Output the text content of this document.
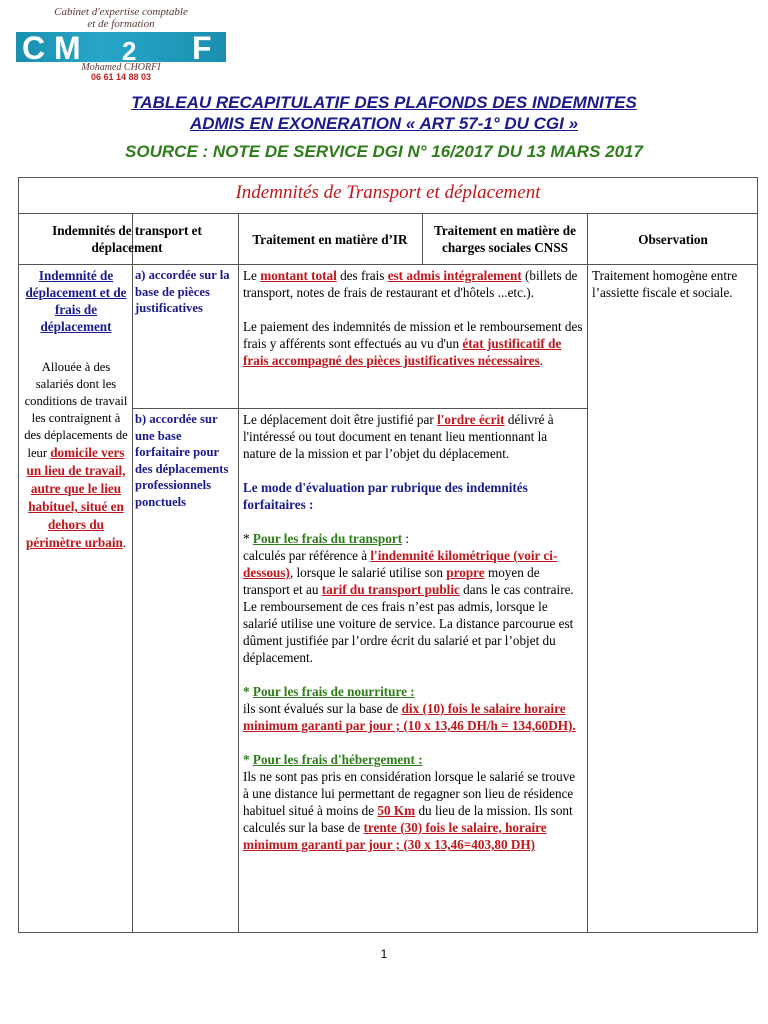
Cabinet d'expertise comptable
et de formation
C M 2 F
Mohamed CHORFI
06 61 14 88 03
TABLEAU RECAPITULATIF DES PLAFONDS DES INDEMNITES
ADMIS EN EXONERATION « ART 57-1° DU CGI »
SOURCE : NOTE DE SERVICE DGI N° 16/2017 DU 13 MARS 2017
Indemnités de Transport et déplacement
Indemnités de transport et déplacement
Traitement en matière d’IR
Traitement en matière de charges sociales CNSS
Observation
Indemnité de déplacement et de frais de déplacement
Allouée à des salariés dont les conditions de travail les contraignent à des déplacements de leur domicile vers un lieu de travail, autre que le lieu habituel, situé en dehors du périmètre urbain.
a) accordée sur la base de pièces justificatives

Le montant total des frais est admis intégralement (billets de transport, notes de frais de restaurant et d'hôtels ...etc.).

Le paiement des indemnités de mission et le remboursement des frais y afférents sont effectués au vu d'un état justificatif de frais accompagné des pièces justificatives nécessaires.

Traitement homogène entre l’assiette fiscale et sociale.
b) accordée sur une base forfaitaire pour des déplacements professionnels ponctuels

Le déplacement doit être justifié par l'ordre écrit délivré à l'intéressé ou tout document en tenant lieu mentionnant la nature de la mission et par l’objet du déplacement.

Le mode d'évaluation par rubrique des indemnités forfaitaires :

* Pour les frais du transport :
calculés par référence à l'indemnité kilométrique (voir ci-dessous), lorsque le salarié utilise son propre moyen de transport et au tarif du transport public dans le cas contraire. Le remboursement de ces frais n’est pas admis, lorsque le salarié utilise une voiture de service. La distance parcourue est dûment justifiée par l’ordre écrit du salarié et par l’objet du déplacement.

* Pour les frais de nourriture :
ils sont évalués sur la base de dix (10) fois le salaire horaire minimum garanti par jour ; (10 x 13,46 DH/h = 134,60DH).

* Pour les frais d'hébergement :
Ils ne sont pas pris en considération lorsque le salarié se trouve à une distance lui permettant de regagner son lieu de résidence habituel situé à moins de 50 Km du lieu de la mission. Ils sont calculés sur la base de trente (30) fois le salaire, horaire minimum garanti par jour ; (30 x 13,46=403,80 DH)

1
